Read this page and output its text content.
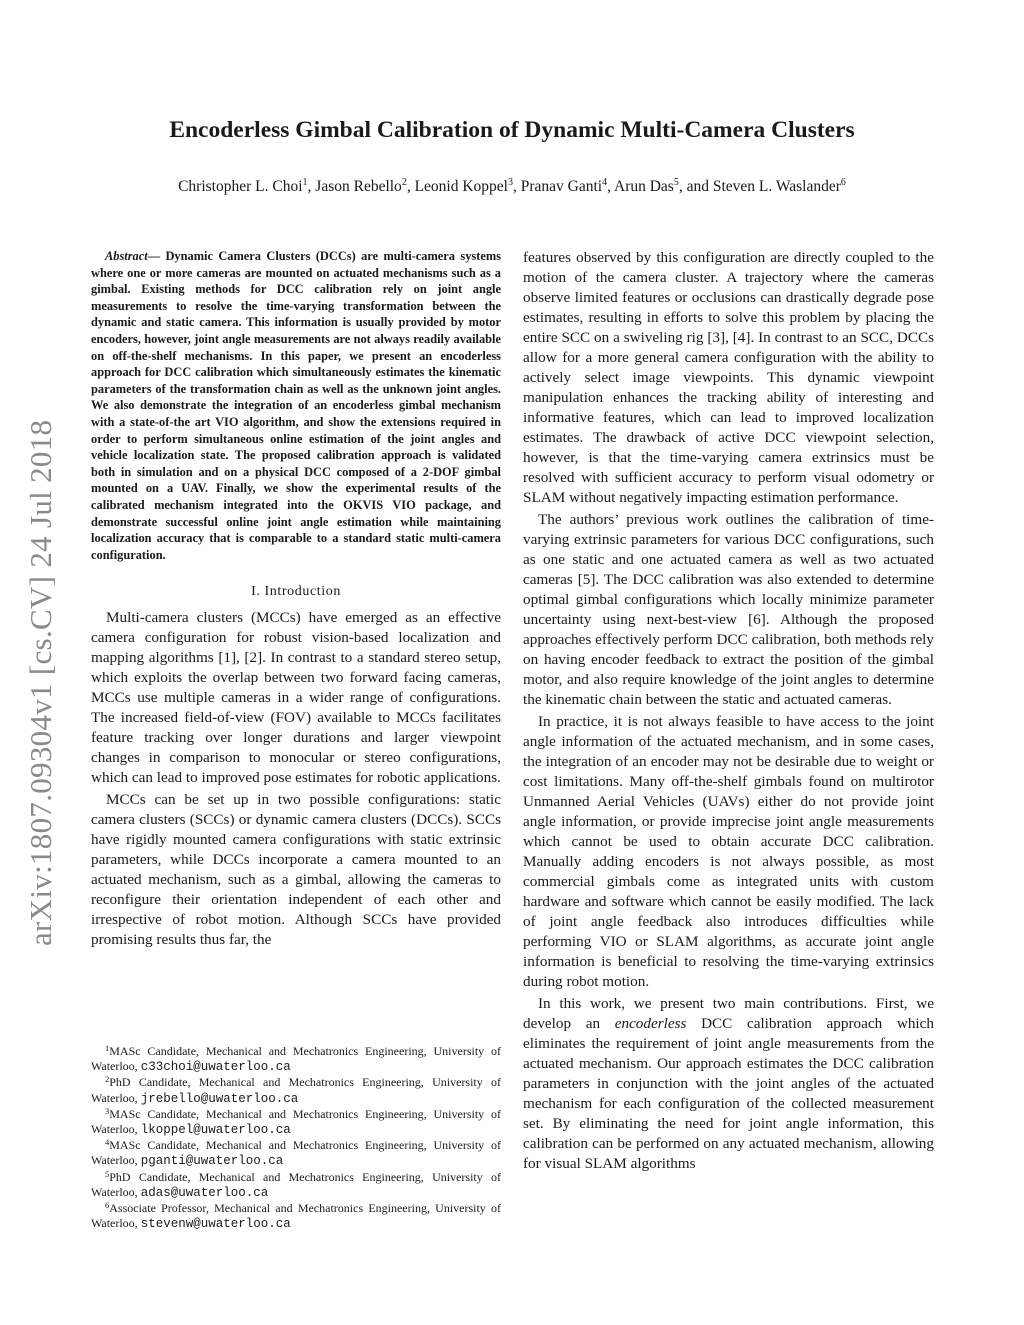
Encoderless Gimbal Calibration of Dynamic Multi-Camera Clusters
Christopher L. Choi$^1$, Jason Rebello$^2$, Leonid Koppel$^3$, Pranav Ganti$^4$, Arun Das$^5$, and Steven L. Waslander$^6$
arXiv:1807.09304v1 [cs.CV] 24 Jul 2018

Abstract— Dynamic Camera Clusters (DCCs) are multi-camera systems where one or more cameras are mounted on actuated mechanisms such as a gimbal. Existing methods for DCC calibration rely on joint angle measurements to resolve the time-varying transformation between the dynamic and static camera. This information is usually provided by motor encoders, however, joint angle measurements are not always readily available on off-the-shelf mechanisms. In this paper, we present an encoderless approach for DCC calibration which simultaneously estimates the kinematic parameters of the transformation chain as well as the unknown joint angles. We also demonstrate the integration of an encoderless gimbal mechanism with a state-of-the art VIO algorithm, and show the extensions required in order to perform simultaneous online estimation of the joint angles and vehicle localization state. The proposed calibration approach is validated both in simulation and on a physical DCC composed of a 2-DOF gimbal mounted on a UAV. Finally, we show the experimental results of the calibrated mechanism integrated into the OKVIS VIO package, and demonstrate successful online joint angle estimation while maintaining localization accuracy that is comparable to a standard static multi-camera configuration.

I. Introduction

Multi-camera clusters (MCCs) have emerged as an effective camera configuration for robust vision-based localization and mapping algorithms [1], [2]. In contrast to a standard stereo setup, which exploits the overlap between two forward facing cameras, MCCs use multiple cameras in a wider range of configurations. The increased field-of-view (FOV) available to MCCs facilitates feature tracking over longer durations and larger viewpoint changes in comparison to monocular or stereo configurations, which can lead to improved pose estimates for robotic applications.

MCCs can be set up in two possible configurations: static camera clusters (SCCs) or dynamic camera clusters (DCCs). SCCs have rigidly mounted camera configurations with static extrinsic parameters, while DCCs incorporate a camera mounted to an actuated mechanism, such as a gimbal, allowing the cameras to reconfigure their orientation independent of each other and irrespective of robot motion. Although SCCs have provided promising results thus far, the

$^1$MASc Candidate, Mechanical and Mechatronics Engineering, University of Waterloo, c33choi@uwaterloo.ca

$^2$PhD Candidate, Mechanical and Mechatronics Engineering, University of Waterloo, jrebello@uwaterloo.ca

$^3$MASc Candidate, Mechanical and Mechatronics Engineering, University of Waterloo, lkoppel@uwaterloo.ca

$^4$MASc Candidate, Mechanical and Mechatronics Engineering, University of Waterloo, pganti@uwaterloo.ca

$^5$PhD Candidate, Mechanical and Mechatronics Engineering, University of Waterloo, adas@uwaterloo.ca

$^6$Associate Professor, Mechanical and Mechatronics Engineering, University of Waterloo, stevenw@uwaterloo.ca

features observed by this configuration are directly coupled to the motion of the camera cluster. A trajectory where the cameras observe limited features or occlusions can drastically degrade pose estimates, resulting in efforts to solve this problem by placing the entire SCC on a swiveling rig [3], [4]. In contrast to an SCC, DCCs allow for a more general camera configuration with the ability to actively select image viewpoints. This dynamic viewpoint manipulation enhances the tracking ability of interesting and informative features, which can lead to improved localization estimates. The drawback of active DCC viewpoint selection, however, is that the time-varying camera extrinsics must be resolved with sufficient accuracy to perform visual odometry or SLAM without negatively impacting estimation performance.

The authors’ previous work outlines the calibration of time-varying extrinsic parameters for various DCC configurations, such as one static and one actuated camera as well as two actuated cameras [5]. The DCC calibration was also extended to determine optimal gimbal configurations which locally minimize parameter uncertainty using next-best-view [6]. Although the proposed approaches effectively perform DCC calibration, both methods rely on having encoder feedback to extract the position of the gimbal motor, and also require knowledge of the joint angles to determine the kinematic chain between the static and actuated cameras.

In practice, it is not always feasible to have access to the joint angle information of the actuated mechanism, and in some cases, the integration of an encoder may not be desirable due to weight or cost limitations. Many off-the-shelf gimbals found on multirotor Unmanned Aerial Vehicles (UAVs) either do not provide joint angle information, or provide imprecise joint angle measurements which cannot be used to obtain accurate DCC calibration. Manually adding encoders is not always possible, as most commercial gimbals come as integrated units with custom hardware and software which cannot be easily modified. The lack of joint angle feedback also introduces difficulties while performing VIO or SLAM algorithms, as accurate joint angle information is beneficial to resolving the time-varying extrinsics during robot motion.

In this work, we present two main contributions. First, we develop an encoderless DCC calibration approach which eliminates the requirement of joint angle measurements from the actuated mechanism. Our approach estimates the DCC calibration parameters in conjunction with the joint angles of the actuated mechanism for each configuration of the collected measurement set. By eliminating the need for joint angle information, this calibration can be performed on any actuated mechanism, allowing for visual SLAM algorithms
